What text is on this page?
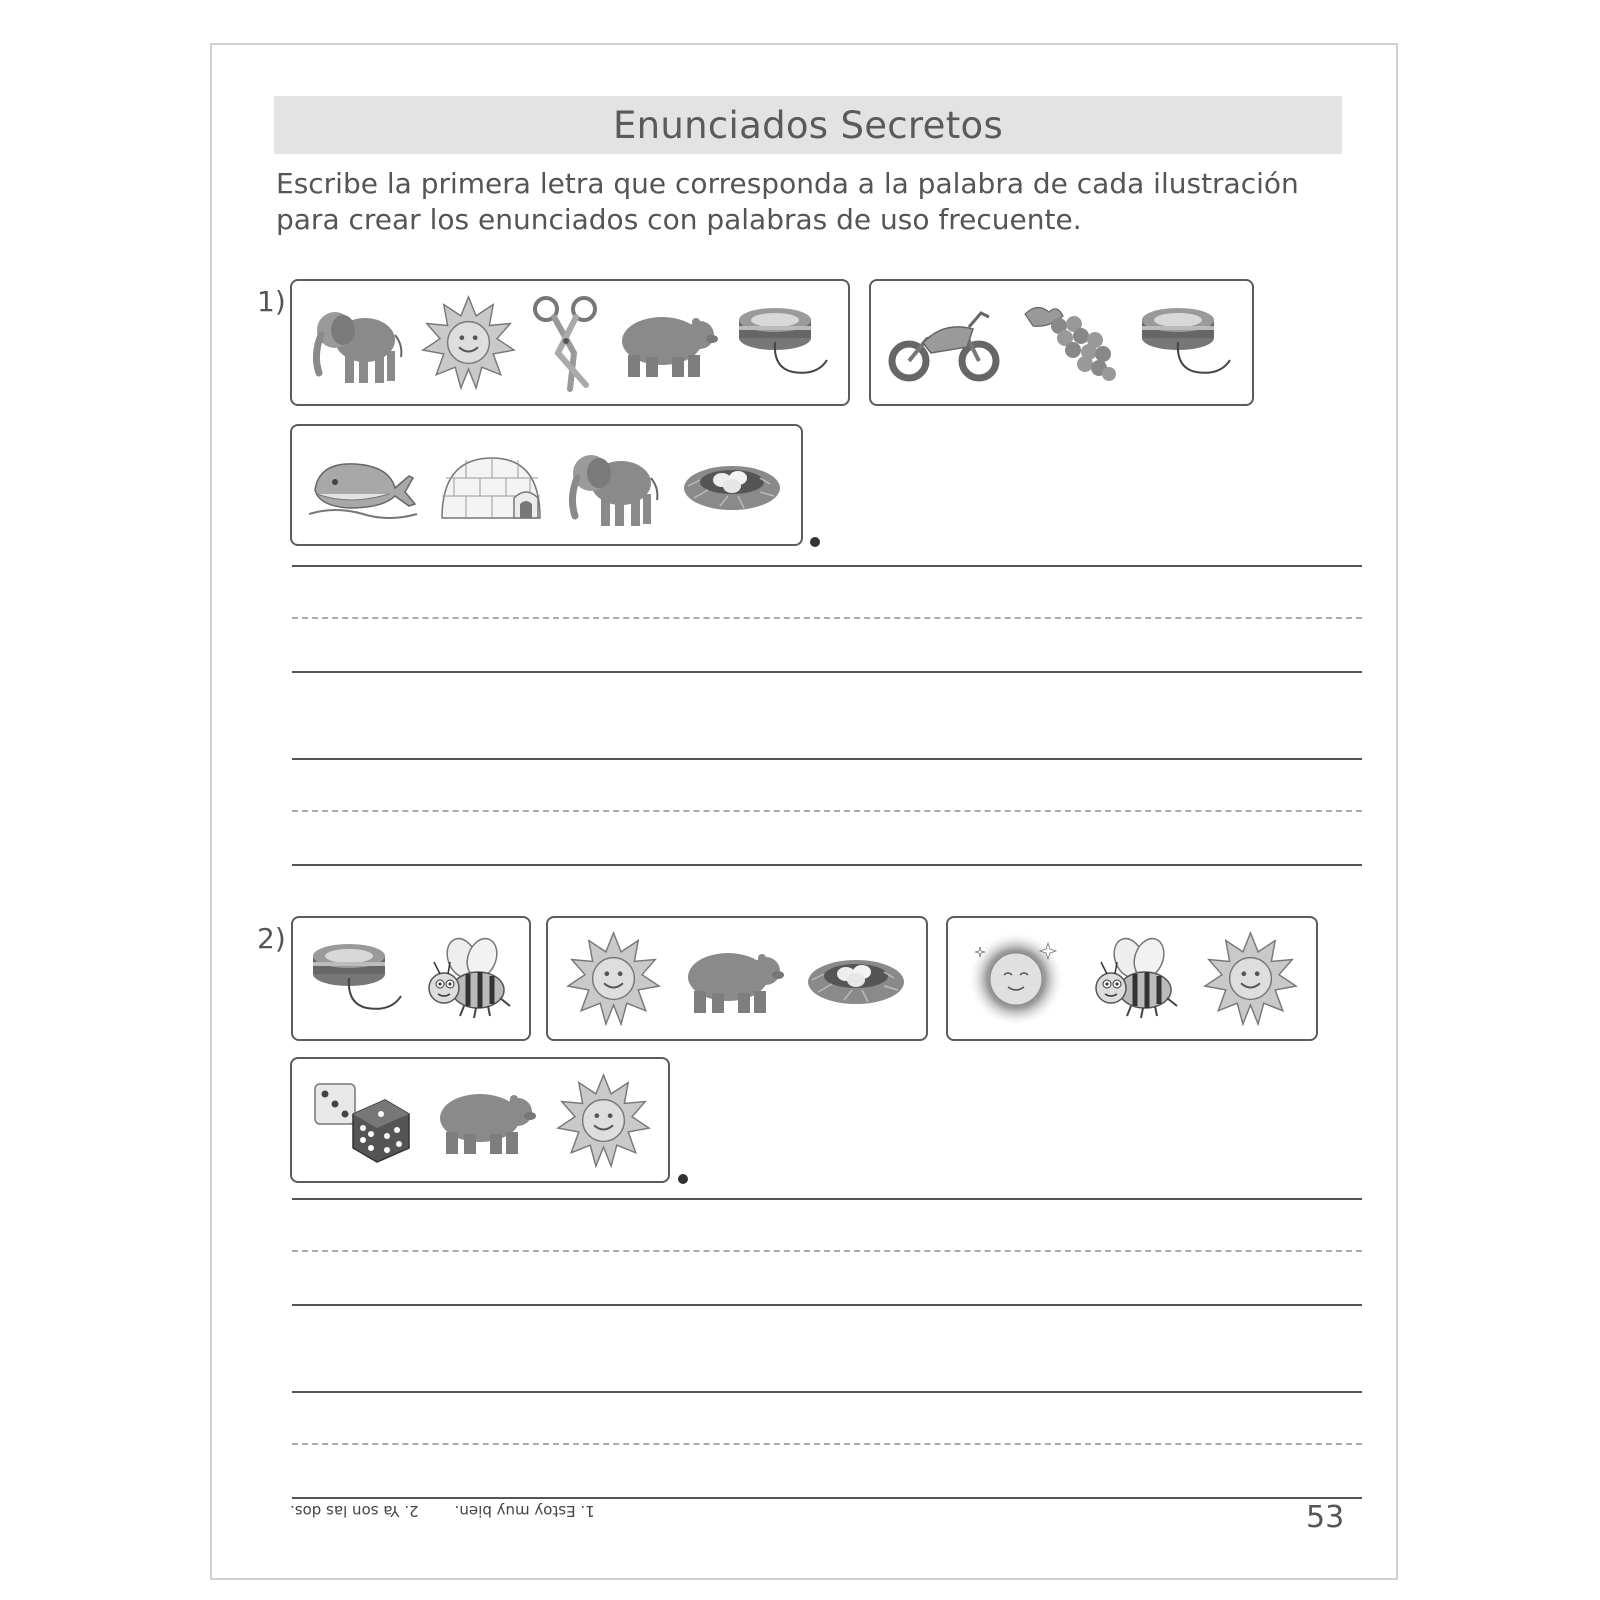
Enunciados Secretos

Escribe la primera letra que corresponda a la palabra de cada ilustración para crear los enunciados con palabras de uso frecuente.

1)
2)
1. Estoy muy bien.
2. Ya son las dos.	53
